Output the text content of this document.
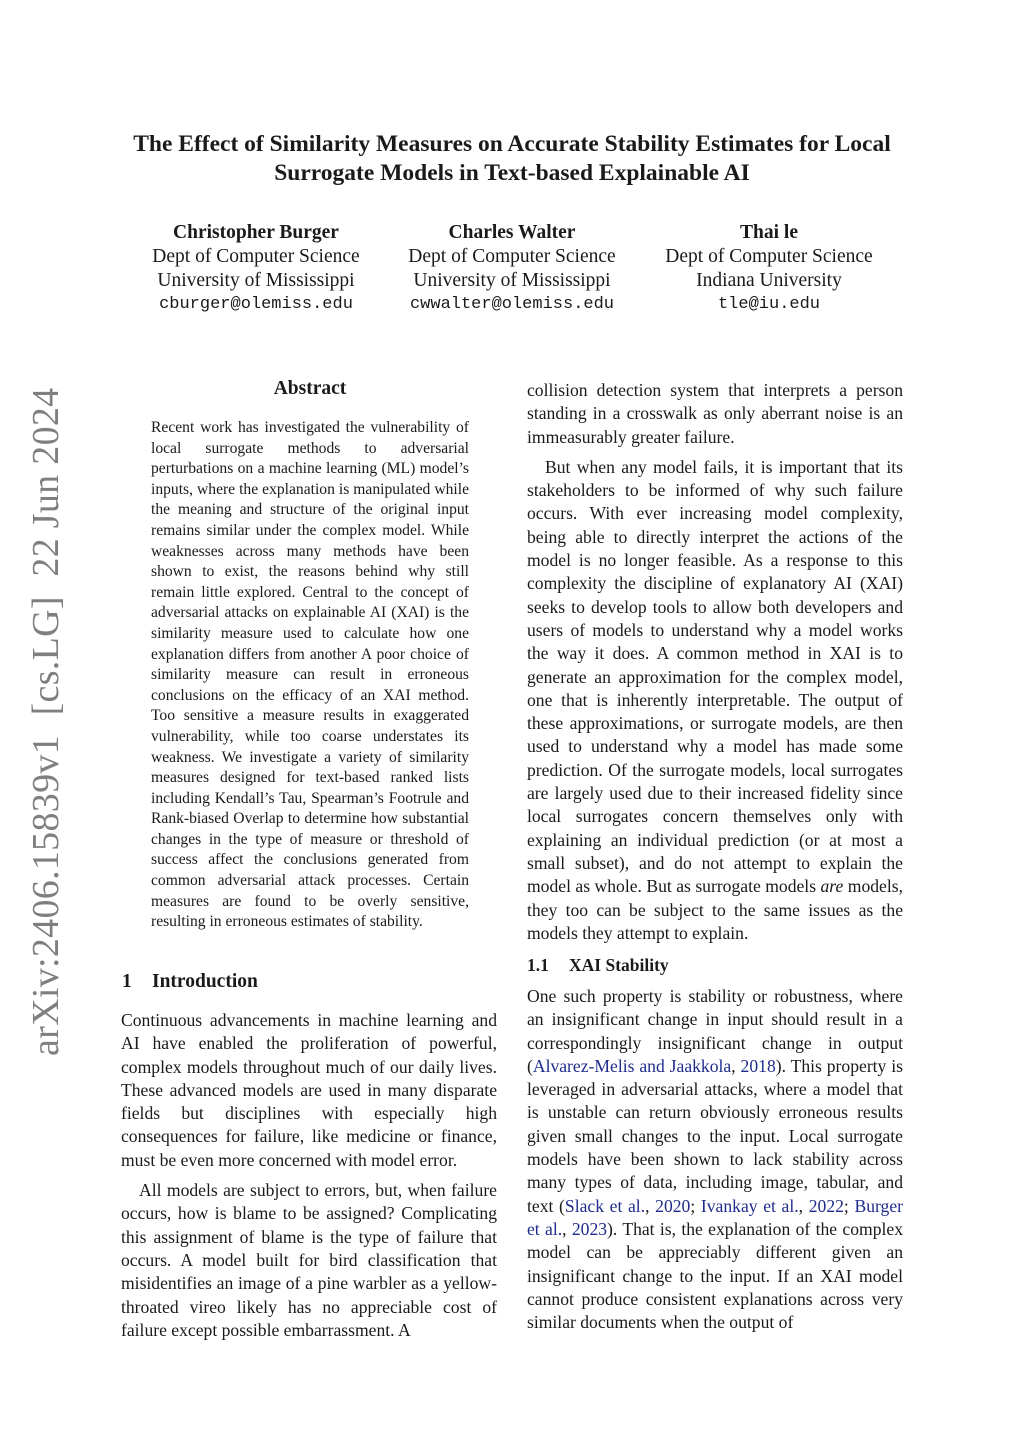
arXiv:2406.15839v1  [cs.LG]  22 Jun 2024
The Effect of Similarity Measures on Accurate Stability Estimates for Local
Surrogate Models in Text-based Explainable AI
Christopher Burger
Dept of Computer Science
University of Mississippi
cburger@olemiss.edu
Charles Walter
Dept of Computer Science
University of Mississippi
cwwalter@olemiss.edu
Thai le
Dept of Computer Science
Indiana University
tle@iu.edu
Abstract
Recent work has investigated the vulnerability of local surrogate methods to adversarial perturbations on a machine learning (ML) model’s inputs, where the explanation is manipulated while the meaning and structure of the original input remains similar under the complex model. While weaknesses across many methods have been shown to exist, the reasons behind why still remain little explored. Central to the concept of adversarial attacks on explainable AI (XAI) is the similarity measure used to calculate how one explanation differs from another A poor choice of similarity measure can result in erroneous conclusions on the efficacy of an XAI method. Too sensitive a measure results in exaggerated vulnerability, while too coarse understates its weakness. We investigate a variety of similarity measures designed for text-based ranked lists including Kendall’s Tau, Spearman’s Footrule and Rank-biased Overlap to determine how substantial changes in the type of measure or threshold of success affect the conclusions generated from common adversarial attack processes. Certain measures are found to be overly sensitive, resulting in erroneous estimates of stability.
1 Introduction

Continuous advancements in machine learning and AI have enabled the proliferation of powerful, complex models throughout much of our daily lives. These advanced models are used in many disparate fields but disciplines with especially high consequences for failure, like medicine or finance, must be even more concerned with model error.

All models are subject to errors, but, when failure occurs, how is blame to be assigned? Complicating this assignment of blame is the type of failure that occurs. A model built for bird classification that misidentifies an image of a pine warbler as a yellow-throated vireo likely has no appreciable cost of failure except possible embarrassment. A

collision detection system that interprets a person standing in a crosswalk as only aberrant noise is an immeasurably greater failure.

But when any model fails, it is important that its stakeholders to be informed of why such failure occurs. With ever increasing model complexity, being able to directly interpret the actions of the model is no longer feasible. As a response to this complexity the discipline of explanatory AI (XAI) seeks to develop tools to allow both developers and users of models to understand why a model works the way it does. A common method in XAI is to generate an approximation for the complex model, one that is inherently interpretable. The output of these approximations, or surrogate models, are then used to understand why a model has made some prediction. Of the surrogate models, local surrogates are largely used due to their increased fidelity since local surrogates concern themselves only with explaining an individual prediction (or at most a small subset), and do not attempt to explain the model as whole. But as surrogate models are models, they too can be subject to the same issues as the models they attempt to explain.

1.1 XAI Stability

One such property is stability or robustness, where an insignificant change in input should result in a correspondingly insignificant change in output (Alvarez-Melis and Jaakkola, 2018). This property is leveraged in adversarial attacks, where a model that is unstable can return obviously erroneous results given small changes to the input. Local surrogate models have been shown to lack stability across many types of data, including image, tabular, and text (Slack et al., 2020; Ivankay et al., 2022; Burger et al., 2023). That is, the explanation of the complex model can be appreciably different given an insignificant change to the input. If an XAI model cannot produce consistent explanations across very similar documents when the output of
